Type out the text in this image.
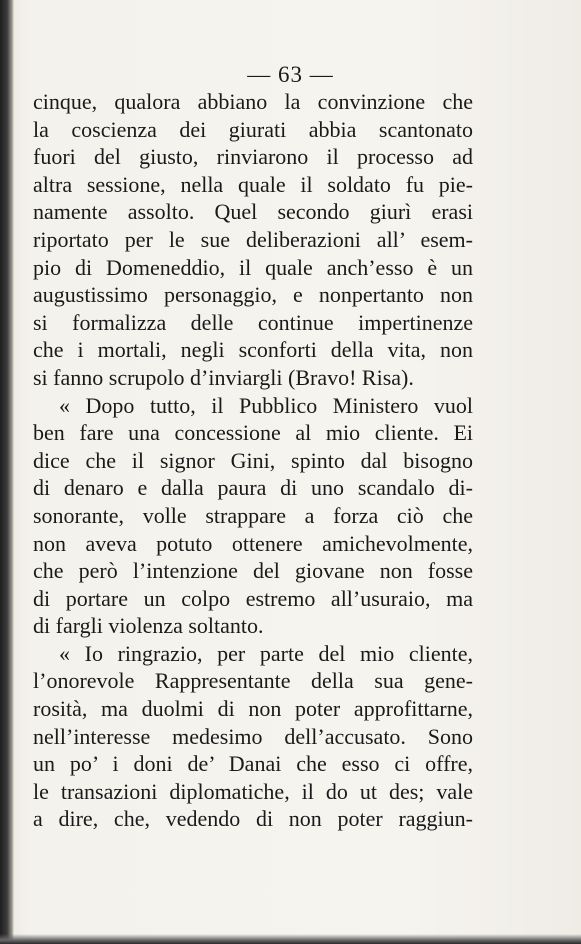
— 63 —
cinque, qualora abbiano la convinzione che
la coscienza dei giurati abbia scantonato
fuori del giusto, rinviarono il processo ad
altra sessione, nella quale il soldato fu pie-
namente assolto. Quel secondo giurì erasi
riportato per le sue deliberazioni all’ esem-
pio di Domeneddio, il quale anch’esso è un
augustissimo personaggio, e nonpertanto non
si formalizza delle continue impertinenze
che i mortali, negli sconforti della vita, non
si fanno scrupolo d’inviargli (Bravo! Risa).
« Dopo tutto, il Pubblico Ministero vuol
ben fare una concessione al mio cliente. Ei
dice che il signor Gini, spinto dal bisogno
di denaro e dalla paura di uno scandalo di-
sonorante, volle strappare a forza ciò che
non aveva potuto ottenere amichevolmente,
che però l’intenzione del giovane non fosse
di portare un colpo estremo all’usuraio, ma
di fargli violenza soltanto.
« Io ringrazio, per parte del mio cliente,
l’onorevole Rappresentante della sua gene-
rosità, ma duolmi di non poter approfittarne,
nell’interesse medesimo dell’accusato. Sono
un po’ i doni de’ Danai che esso ci offre,
le transazioni diplomatiche, il do ut des; vale
a dire, che, vedendo di non poter raggiun-
